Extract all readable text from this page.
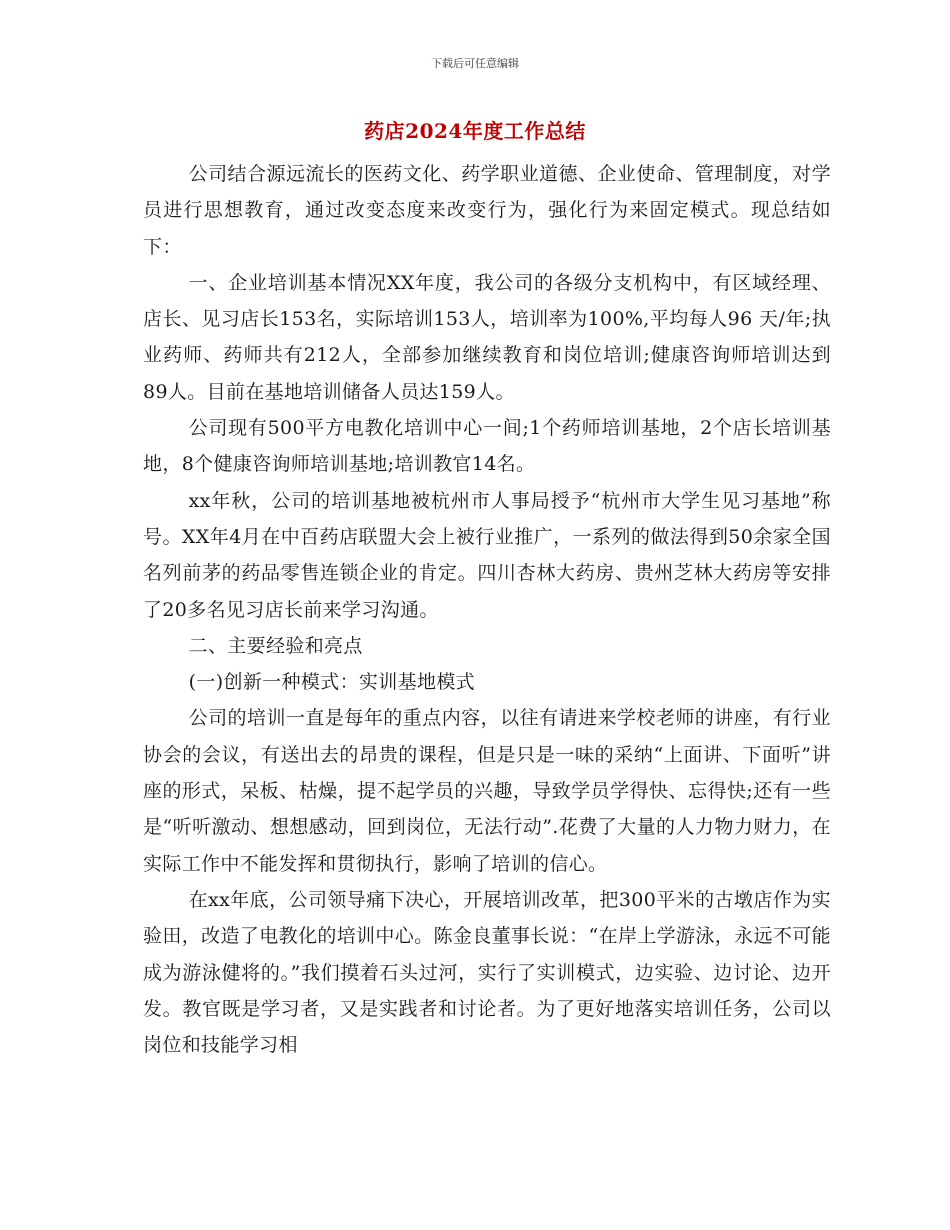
下载后可任意编辑
药店2024年度工作总结

公司结合源远流长的医药文化、药学职业道德、企业使命、管理制度，对学员进行思想教育，通过改变态度来改变行为，强化行为来固定模式。现总结如下：

一、企业培训基本情况XX年度，我公司的各级分支机构中，有区域经理、店长、见习店长153名，实际培训153人，培训率为100%,平均每人96 天/年;执业药师、药师共有212人，全部参加继续教育和岗位培训;健康咨询师培训达到89人。目前在基地培训储备人员达159人。

公司现有500平方电教化培训中心一间;1个药师培训基地，2个店长培训基地，8个健康咨询师培训基地;培训教官14名。

xx年秋，公司的培训基地被杭州市人事局授予“杭州市大学生见习基地”称号。XX年4月在中百药店联盟大会上被行业推广，一系列的做法得到50余家全国名列前茅的药品零售连锁企业的肯定。四川杏林大药房、贵州芝林大药房等安排了20多名见习店长前来学习沟通。

二、主要经验和亮点

(一)创新一种模式：实训基地模式

公司的培训一直是每年的重点内容，以往有请进来学校老师的讲座，有行业协会的会议，有送出去的昂贵的课程，但是只是一味的采纳“上面讲、下面听”讲座的形式，呆板、枯燥，提不起学员的兴趣，导致学员学得快、忘得快;还有一些是“听听激动、想想感动，回到岗位，无法行动”.花费了大量的人力物力财力，在实际工作中不能发挥和贯彻执行，影响了培训的信心。

在xx年底，公司领导痛下决心，开展培训改革，把300平米的古墩店作为实验田，改造了电教化的培训中心。陈金良董事长说：“在岸上学游泳，永远不可能成为游泳健将的。”我们摸着石头过河，实行了实训模式，边实验、边讨论、边开发。教官既是学习者，又是实践者和讨论者。为了更好地落实培训任务，公司以岗位和技能学习相
